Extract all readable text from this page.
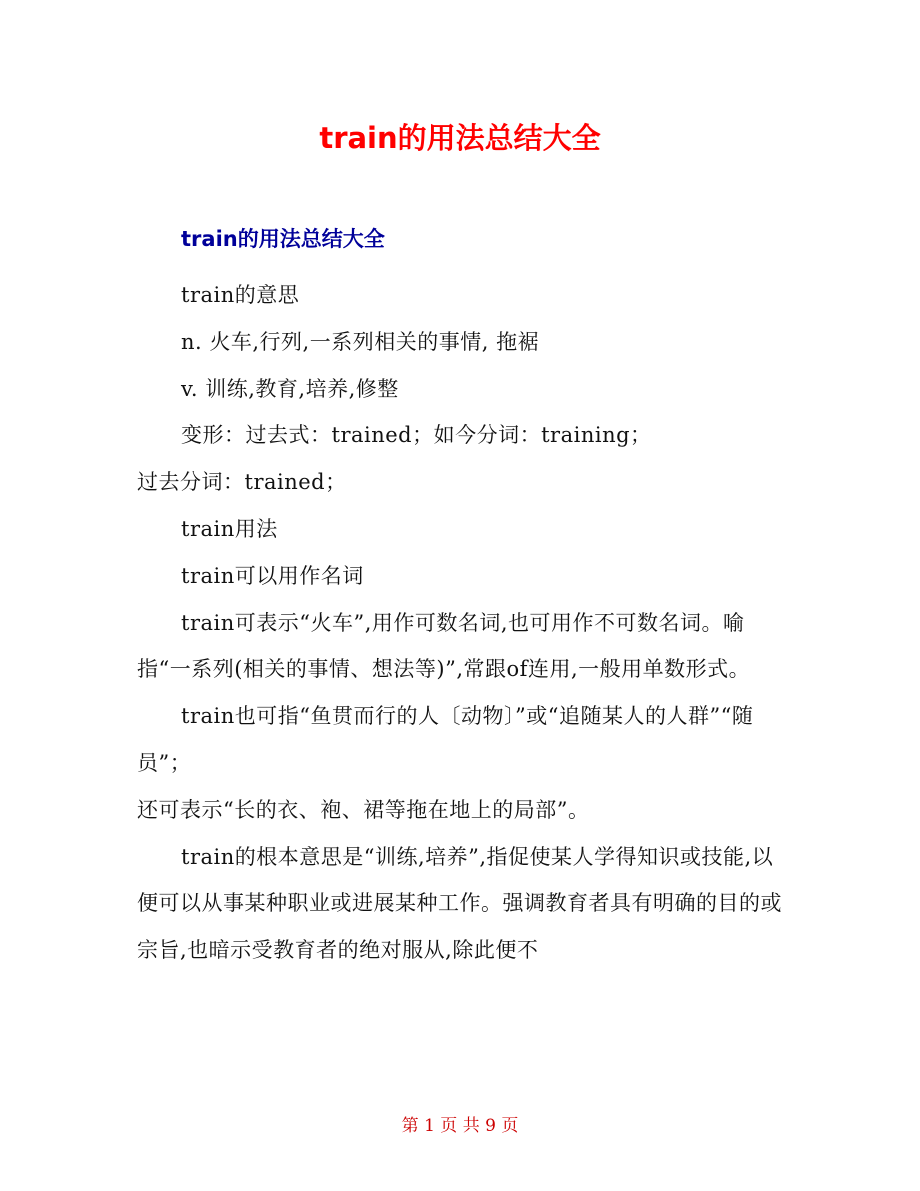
train的用法总结大全
train的用法总结大全

train的意思

n. 火车,行列,一系列相关的事情, 拖裾

v. 训练,教育,培养,修整

变形：过去式：trained；如今分词：training；

过去分词：trained；

train用法

train可以用作名词

train可表示“火车”,用作可数名词,也可用作不可数名词。喻指“一系列(相关的事情、想法等)”,常跟of连用,一般用单数形式。

train也可指“鱼贯而行的人〔动物〕”或“追随某人的人群”“随员”；

还可表示“长的衣、袍、裙等拖在地上的局部”。

train的根本意思是“训练,培养”,指促使某人学得知识或技能,以便可以从事某种职业或进展某种工作。强调教育者具有明确的目的或宗旨,也暗示受教育者的绝对服从,除此便不

第 1 页 共 9 页
